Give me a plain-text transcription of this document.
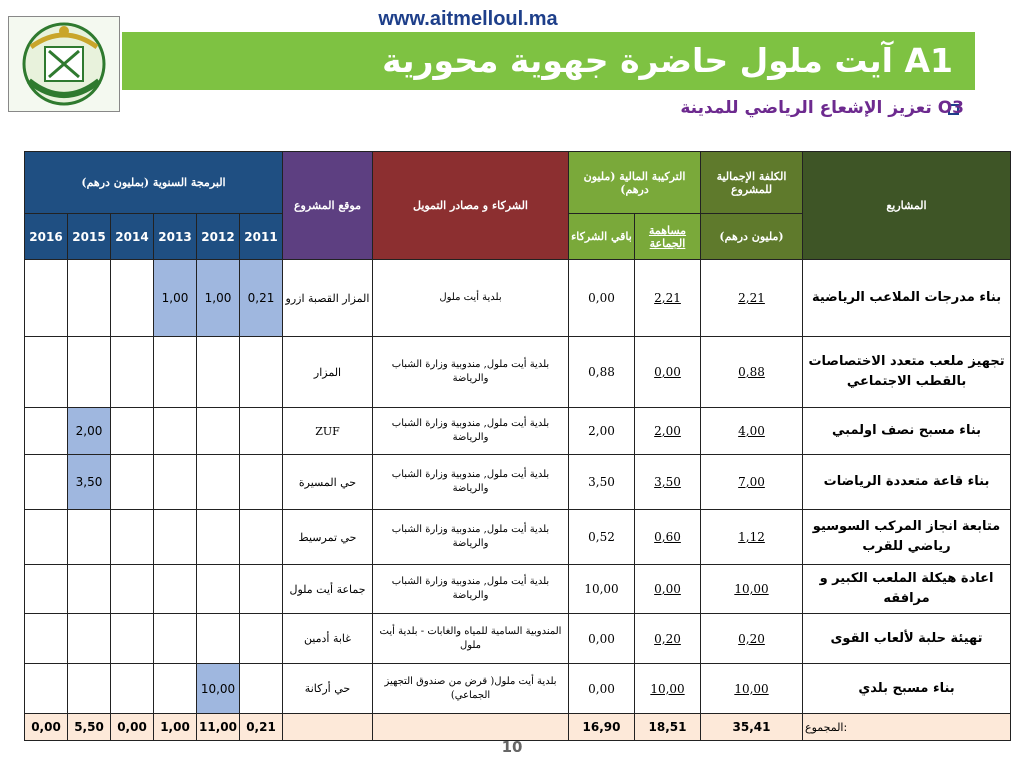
www.aitmelloul.ma
A1 آيت ملول حاضرة جهوية محورية
O3 تعزيز الإشعاع الرياضي للمدينة
البرمجة السنوية (بمليون درهم)						موقع المشروع	الشركاء و مصادر التمويل	التركيبة المالية (مليون درهم)		الكلفة الإجمالية للمشروع	المشاريع
2016	2015	2014	2013	2012	2011			باقي الشركاء	مساهمة الجماعة	(مليون درهم)	
			1,00	1,00	0,21	المزار القصبة ازرو	بلدية أيت ملول	0,00	2,21	2,21	بناء مدرجات الملاعب الرياضية
						المزار	بلدية أيت ملول, مندوبية وزارة الشباب والرياضة	0,88	0,00	0,88	تجهيز ملعب متعدد الاختصاصات بالقطب الاجتماعي
	2,00					ZUF	بلدية أيت ملول, مندوبية وزارة الشباب والرياضة	2,00	2,00	4,00	بناء مسبح نصف اولمبي
	3,50					حي المسيرة	بلدية أيت ملول, مندوبية وزارة الشباب والرياضة	3,50	3,50	7,00	بناء قاعة متعددة الرياضات
						حي تمرسيط	بلدية أيت ملول, مندوبية وزارة الشباب والرياضة	0,52	0,60	1,12	متابعة انجاز المركب السوسيو رياضي للقرب
						جماعة أيت ملول	بلدية أيت ملول, مندوبية وزارة الشباب والرياضة	10,00	0,00	10,00	اعادة هيكلة الملعب الكبير و مرافقه
						غابة أدمين	المندوبية السامية للمياه والغابات - بلدية أيت ملول	0,00	0,20	0,20	تهيئة حلبة لألعاب القوى
				10,00		حي أركانة	بلدية أيت ملول( قرض من صندوق التجهيز الجماعي)	0,00	10,00	10,00	بناء مسبح بلدي
0,00	5,50	0,00	1,00	11,00	0,21			16,90	18,51	35,41	المجموع:
10
